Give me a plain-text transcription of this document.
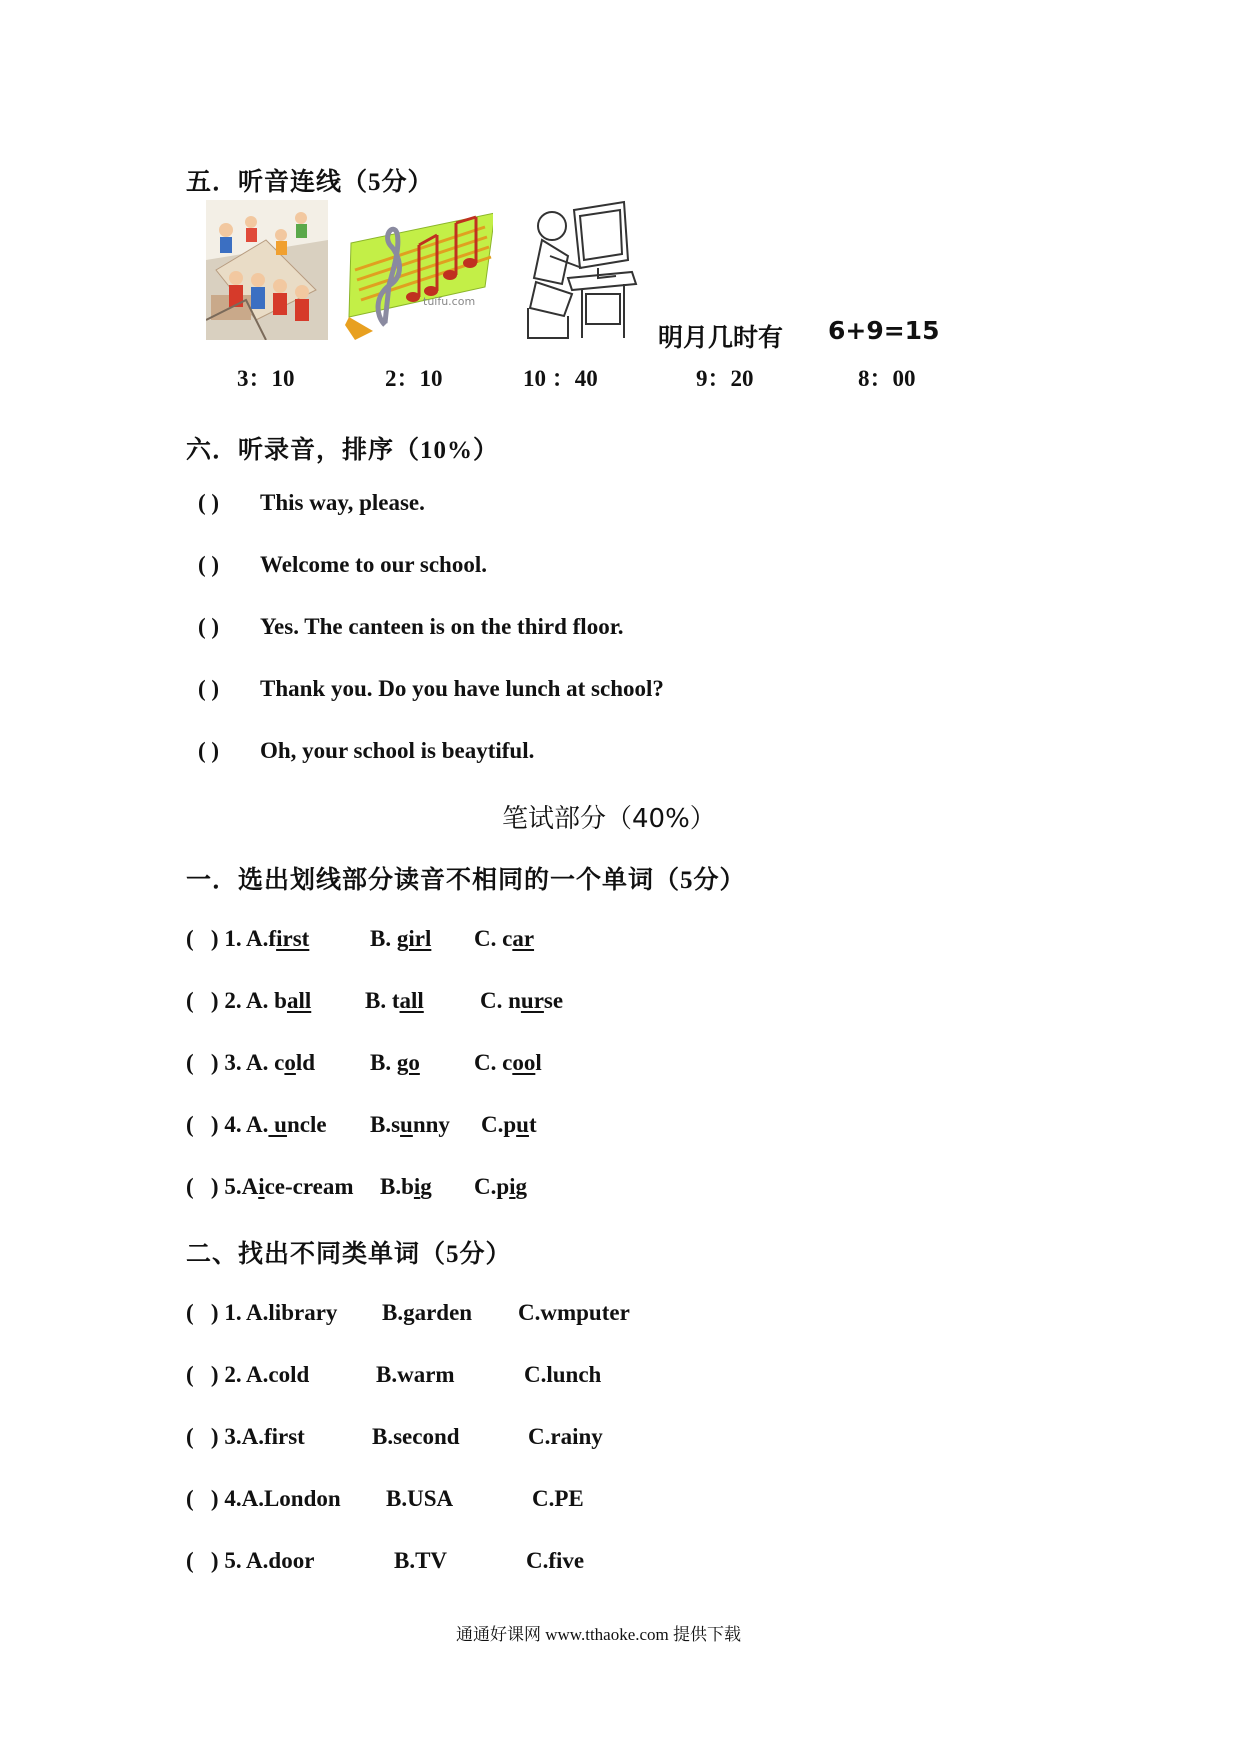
五．听音连线（5分）
tuifu.com
明月几时有 6+9=15
3：10	2：10	10 ：40	9：20	8：00
六．听录音，排序（10%）
( ) This way, please.
( ) Welcome to our school.
( ) Yes. The canteen is on the third floor.
( ) Thank you. Do you have lunch at school?
( ) Oh, your school is beaytiful.
笔试部分（40%）
一．选出划线部分读音不相同的一个单词（5分）
(   ) 1. A.first	B. girl C. car
(   ) 2. A. ball B. tall C. nurse
(   ) 3. A. cold B. go C. cool
(   ) 4. A. uncle B.sunny C.put
(   ) 5.Aice-cream B.big C.pig
二、找出不同类单词（5分）
(   ) 1. A.library B.garden C.wmputer
(   ) 2. A.cold	B.warm	C.lunch
(   ) 3.A.first	B.second	C.rainy
(   ) 4.A.London B.USA	C.PE
(   ) 5. A.door	B.TV	C.five
通通好课网 www.tthaoke.com 提供下载
